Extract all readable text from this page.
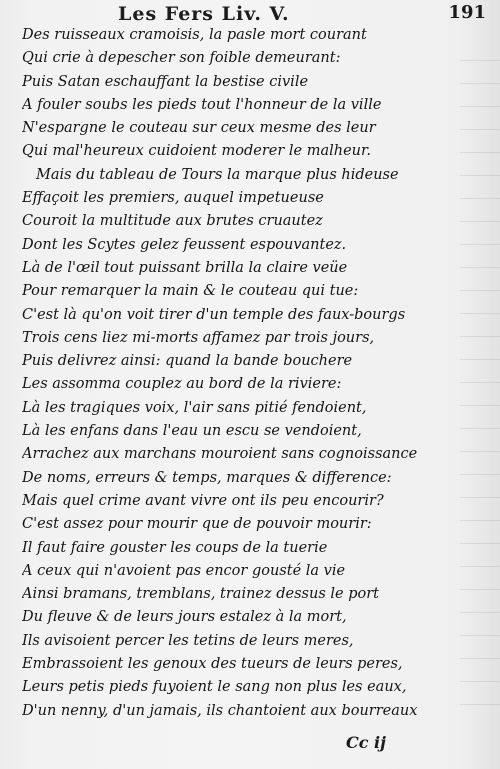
Les Fers Liv. V.	191
Des ruisseaux cramoisis, la pasle mort courant
Qui crie à depescher son foible demeurant:
Puis Satan eschauffant la bestise civile
A fouler soubs les pieds tout l'honneur de la ville
N'espargne le couteau sur ceux mesme des leur
Qui mal'heureux cuidoient moderer le malheur.
Mais du tableau de Tours la marque plus hideuse
Effaçoit les premiers, auquel impetueuse
Couroit la multitude aux brutes cruautez
Dont les Scytes gelez feussent espouvantez.
Là de l'œil tout puissant brilla la claire veüe
Pour remarquer la main & le couteau qui tue:
C'est là qu'on voit tirer d'un temple des faux-bourgs
Trois cens liez mi-morts affamez par trois jours,
Puis delivrez ainsi: quand la bande bouchere
Les assomma couplez au bord de la riviere:
Là les tragiques voix, l'air sans pitié fendoient,
Là les enfans dans l'eau un escu se vendoient,
Arrachez aux marchans mouroient sans cognoissance
De noms, erreurs & temps, marques & difference:
Mais quel crime avant vivre ont ils peu encourir?
C'est assez pour mourir que de pouvoir mourir:
Il faut faire gouster les coups de la tuerie
A ceux qui n'avoient pas encor gousté la vie
Ainsi bramans, tremblans, trainez dessus le port
Du fleuve & de leurs jours estalez à la mort,
Ils avisoient percer les tetins de leurs meres,
Embrassoient les genoux des tueurs de leurs peres,
Leurs petis pieds fuyoient le sang non plus les eaux,
D'un nenny, d'un jamais, ils chantoient aux bourreaux
Cc ij
